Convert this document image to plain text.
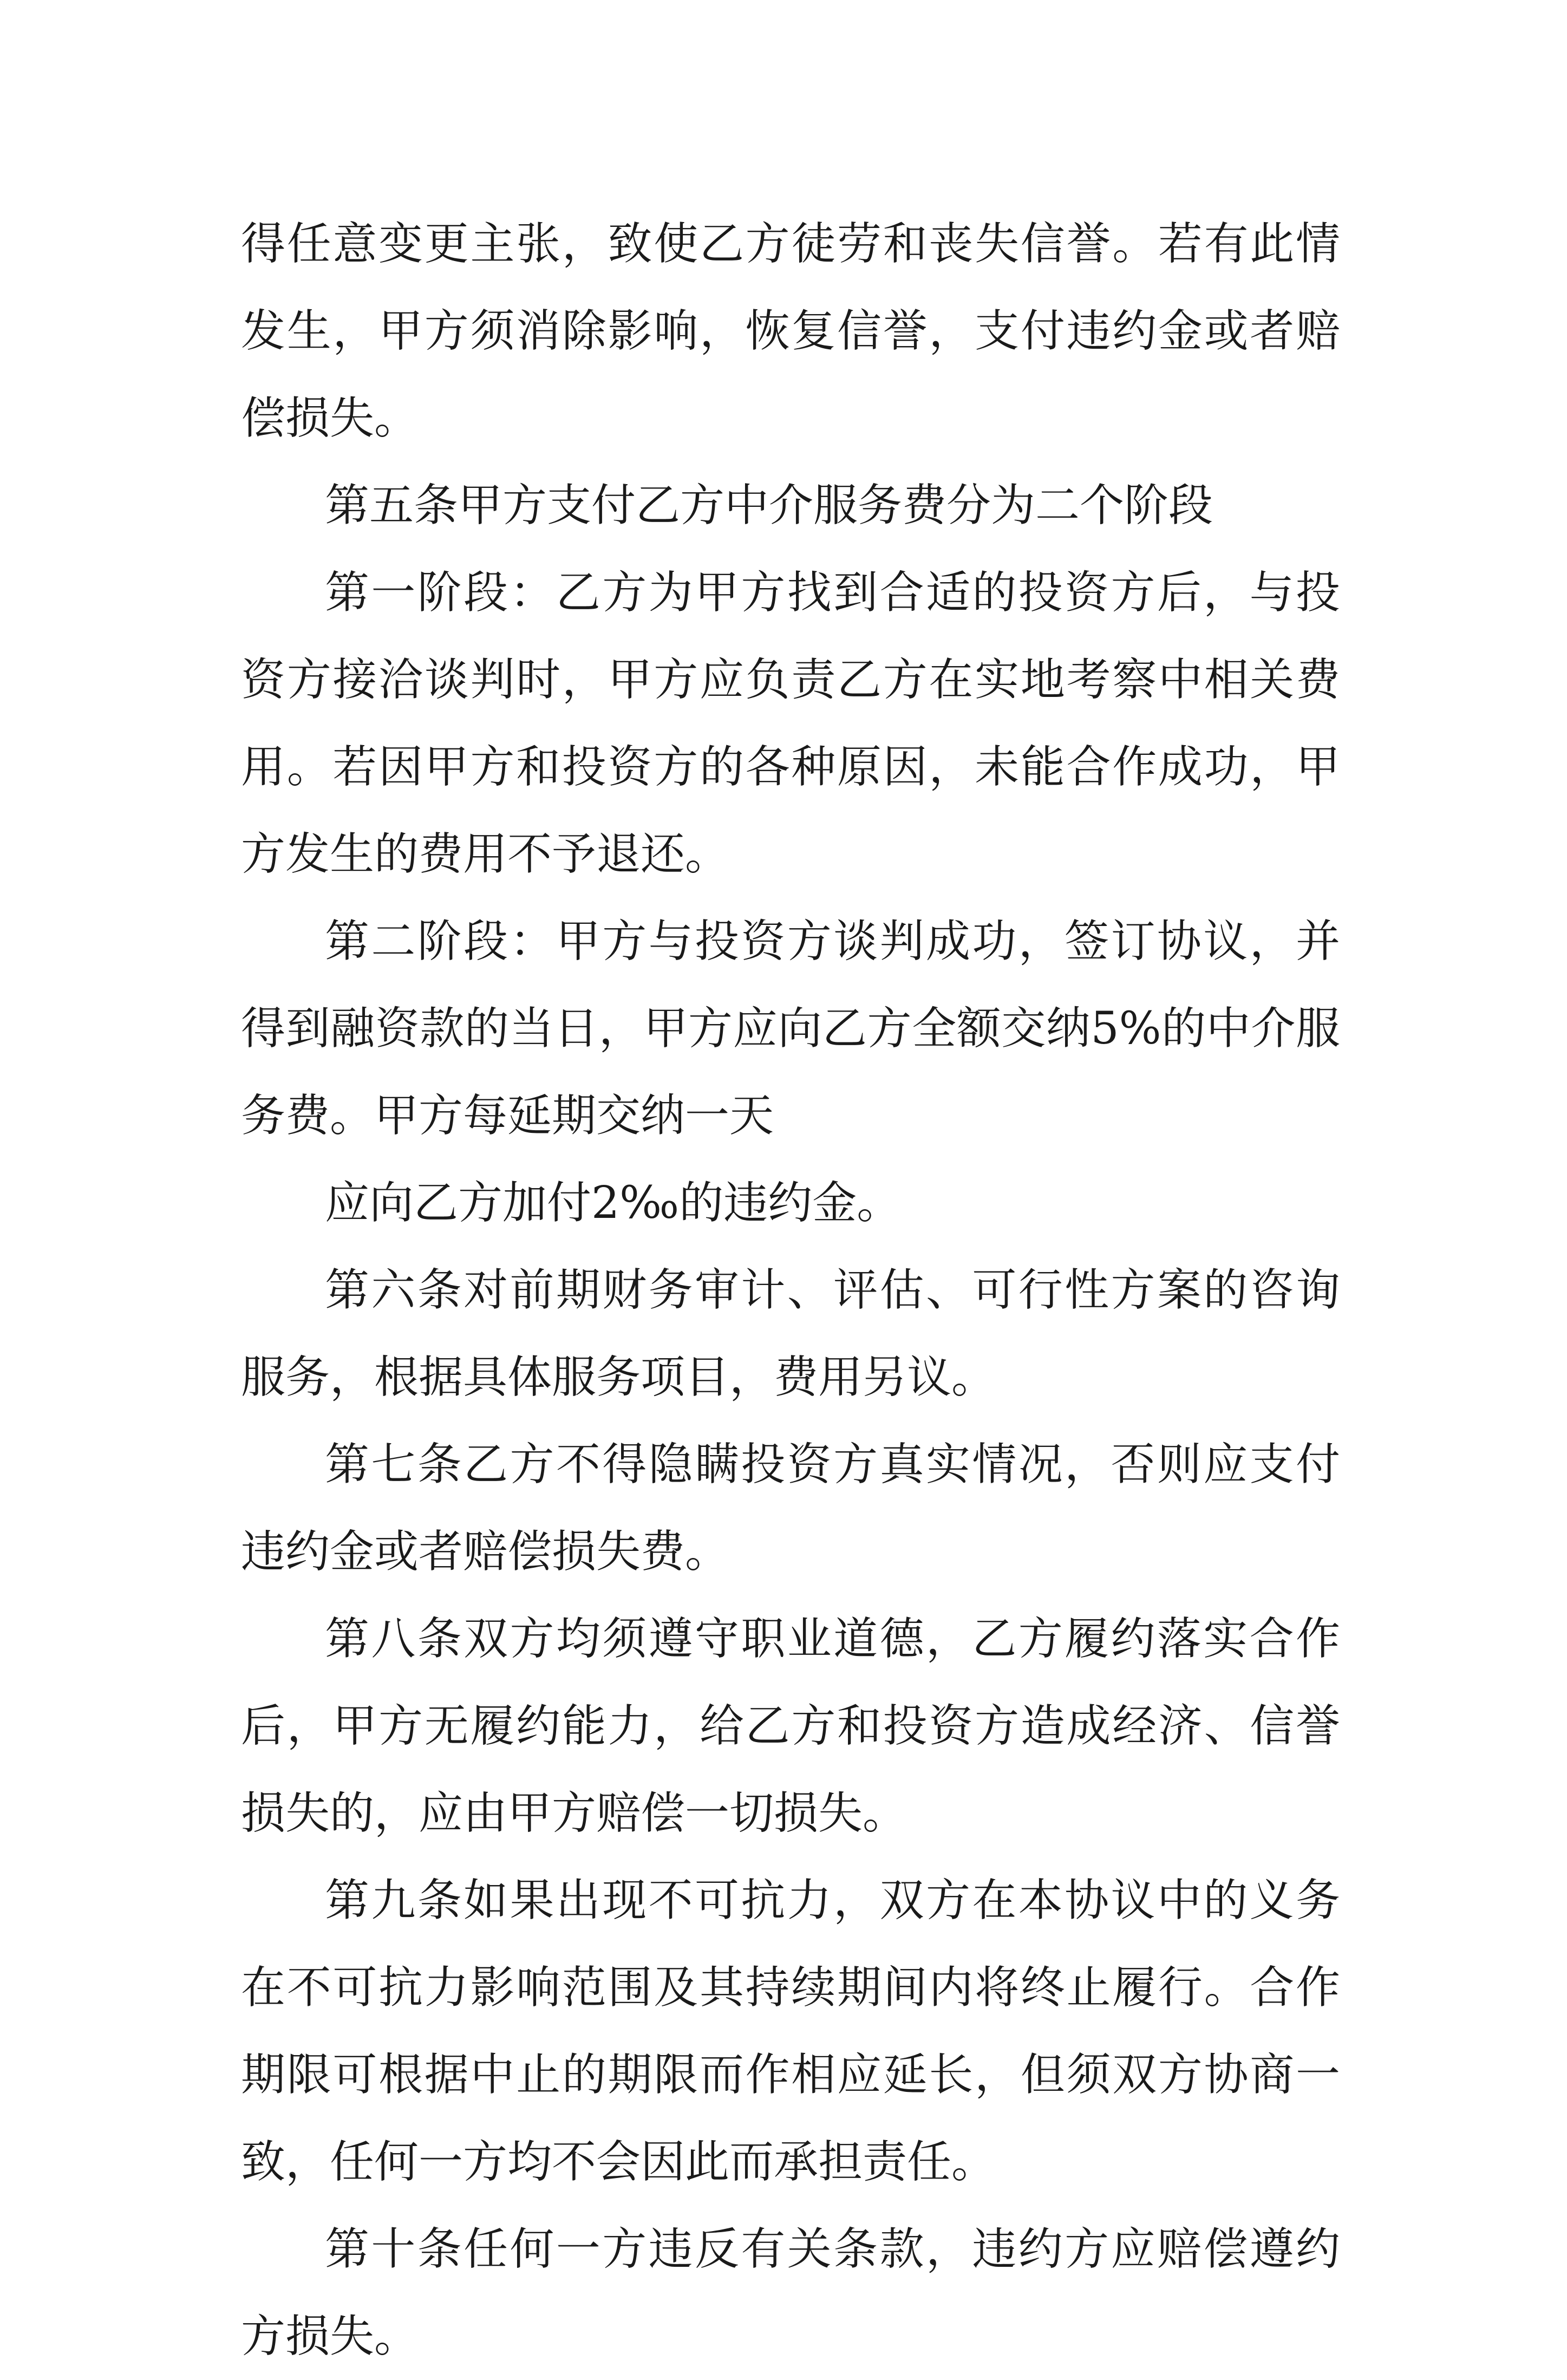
得任意变更主张，致使乙方徒劳和丧失信誉。若有此情发生，甲方须消除影响，恢复信誉，支付违约金或者赔偿损失。

第五条甲方支付乙方中介服务费分为二个阶段

第一阶段：乙方为甲方找到合适的投资方后，与投资方接洽谈判时，甲方应负责乙方在实地考察中相关费用。若因甲方和投资方的各种原因，未能合作成功，甲方发生的费用不予退还。

第二阶段：甲方与投资方谈判成功，签订协议，并得到融资款的当日，甲方应向乙方全额交纳5%的中介服务费。甲方每延期交纳一天

应向乙方加付2‰的违约金。

第六条对前期财务审计、评估、可行性方案的咨询服务，根据具体服务项目，费用另议。

第七条乙方不得隐瞒投资方真实情况，否则应支付违约金或者赔偿损失费。

第八条双方均须遵守职业道德，乙方履约落实合作后，甲方无履约能力，给乙方和投资方造成经济、信誉损失的，应由甲方赔偿一切损失。

第九条如果出现不可抗力，双方在本协议中的义务在不可抗力影响范围及其持续期间内将终止履行。合作期限可根据中止的期限而作相应延长，但须双方协商一致，任何一方均不会因此而承担责任。

第十条任何一方违反有关条款，违约方应赔偿遵约方损失。
